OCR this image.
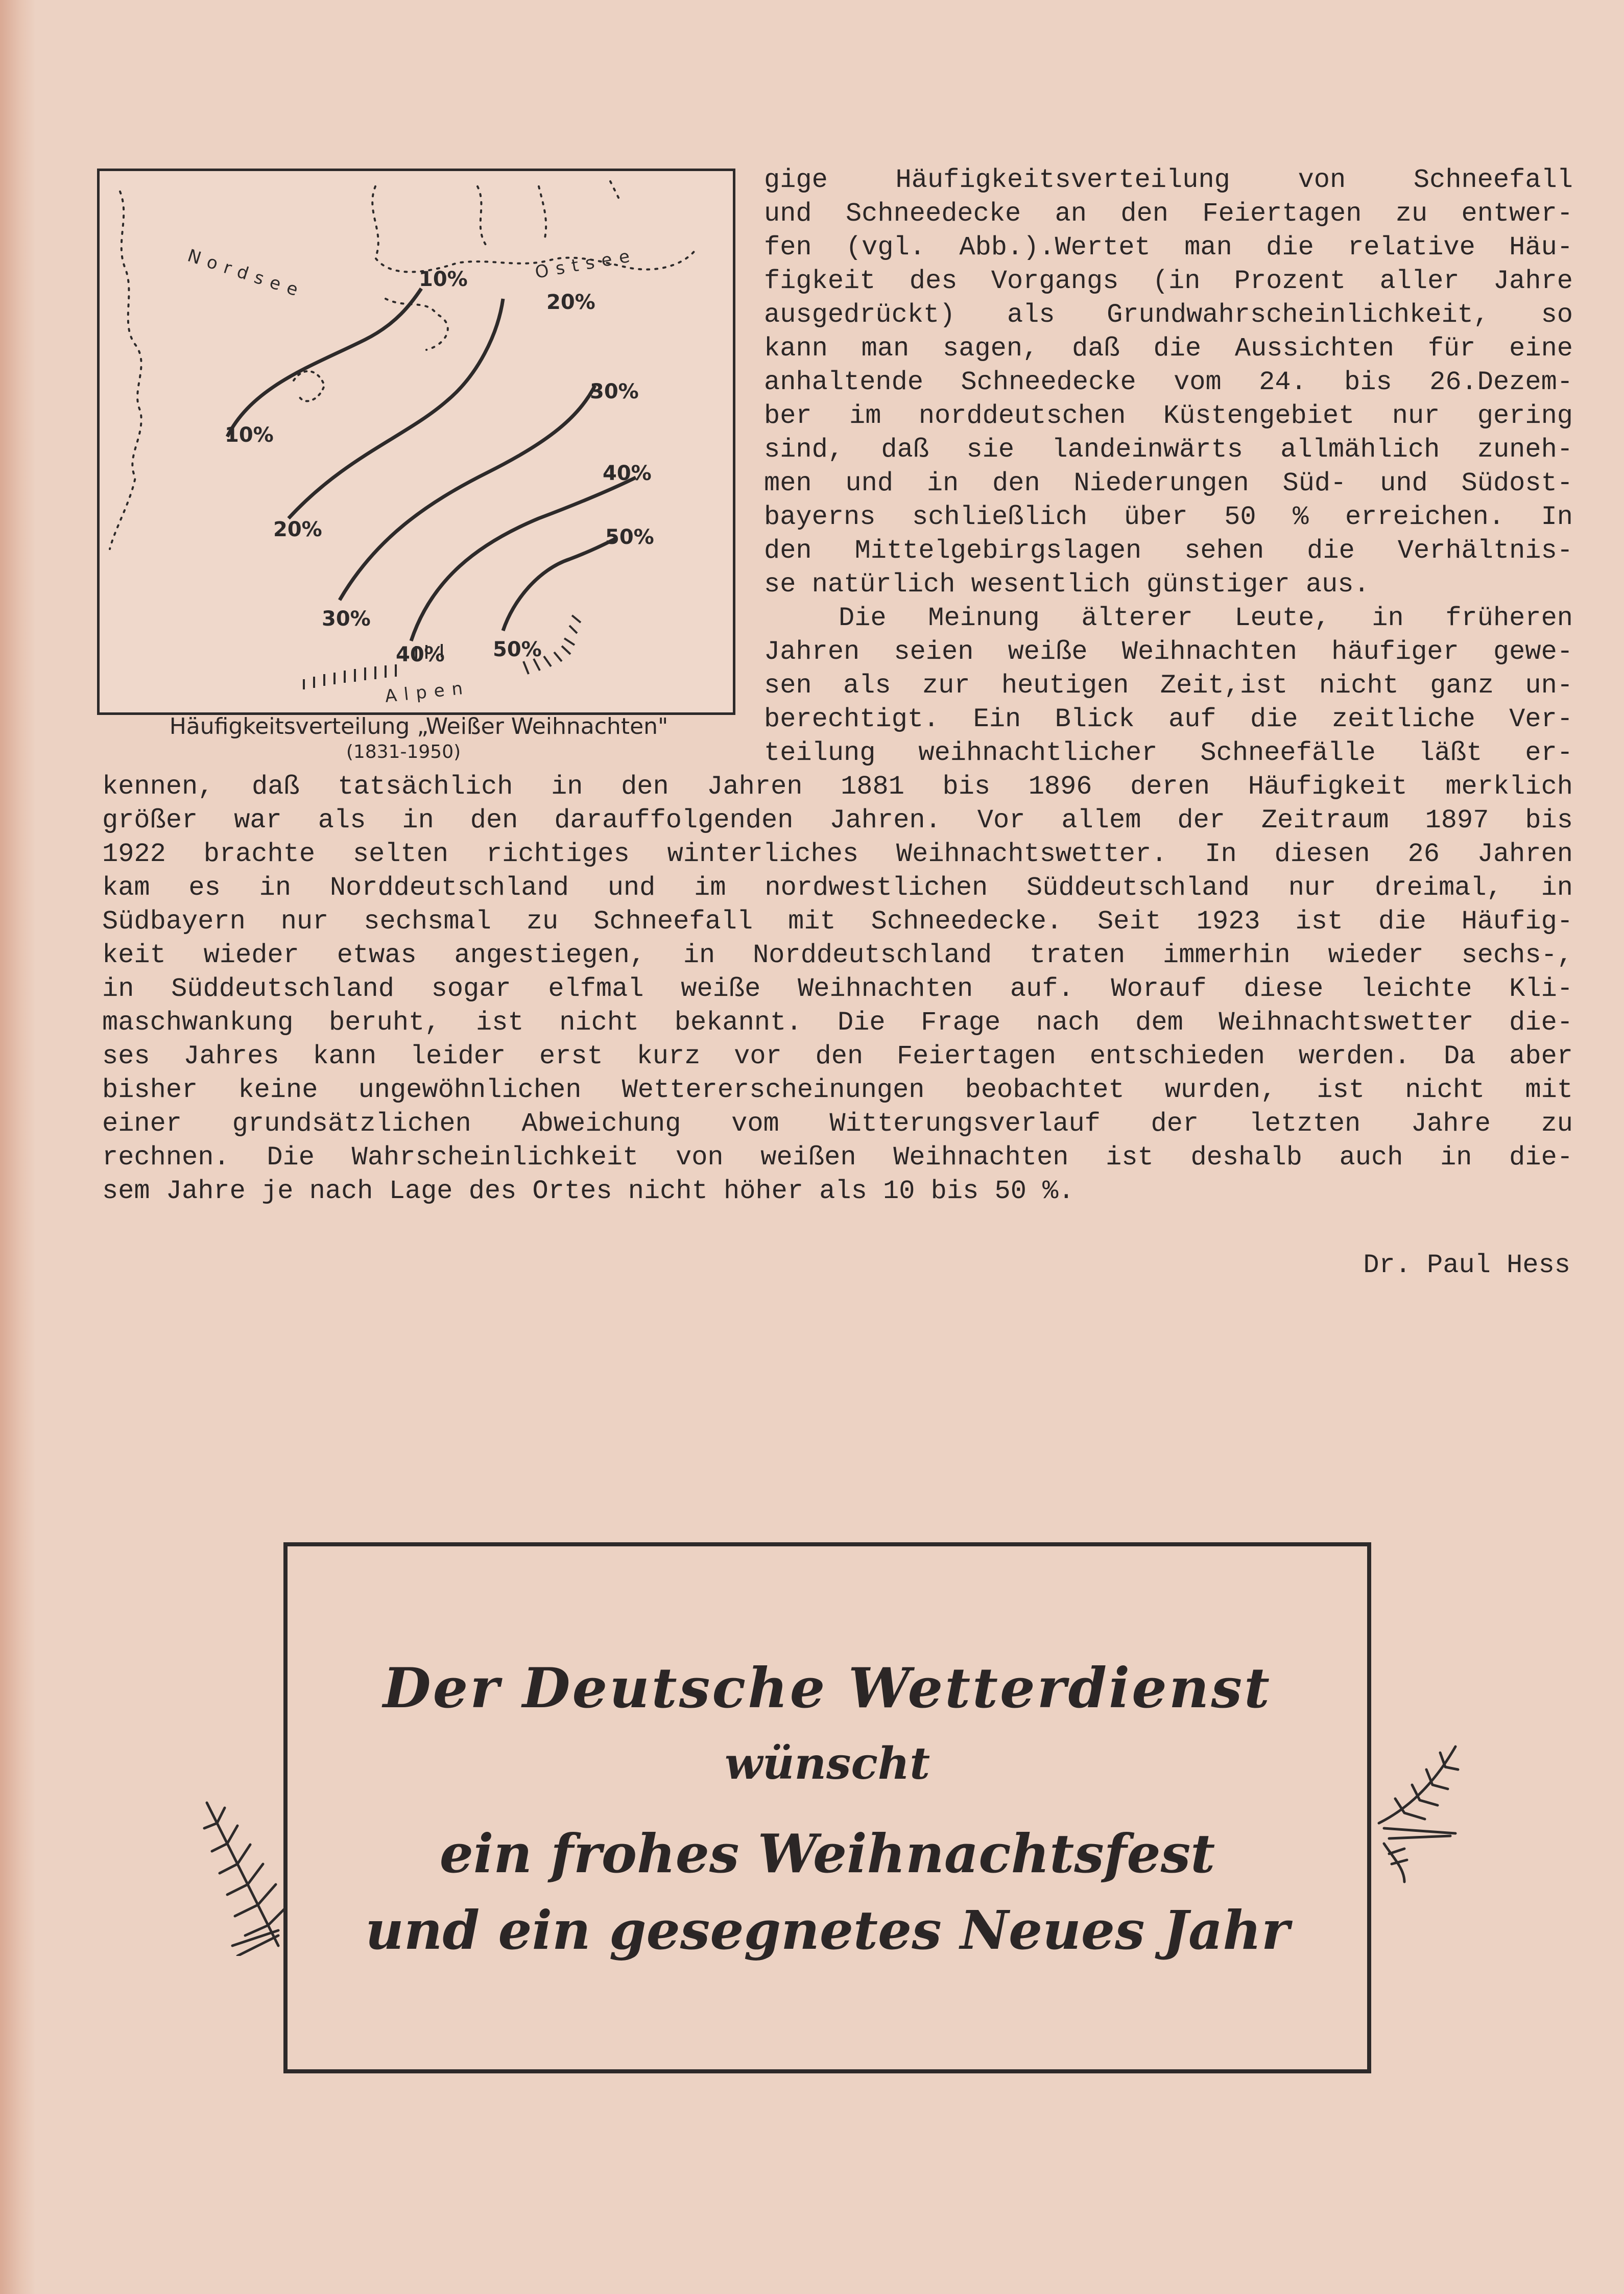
Nordsee	Ostsee
Alpen
10%
10%
20%
20%
30%
30%
40%
40%
50%
50%
Häufigkeitsverteilung „Weißer Weihnachten"
(1831-1950)
gige Häufigkeitsverteilung von Schneefall
und Schneedecke an den Feiertagen zu entwer-
fen (vgl. Abb.).Wertet man die relative Häu-
figkeit des Vorgangs (in Prozent aller Jahre
ausgedrückt) als Grundwahrscheinlichkeit, so
kann man sagen, daß die Aussichten für eine
anhaltende Schneedecke vom 24. bis 26.Dezem-
ber im norddeutschen Küstengebiet nur gering
sind, daß sie landeinwärts allmählich zuneh-
men und in den Niederungen Süd- und Südost-
bayerns schließlich über 50 % erreichen. In
den Mittelgebirgslagen sehen die Verhältnis-
se natürlich wesentlich günstiger aus.
Die Meinung älterer Leute, in früheren
Jahren seien weiße Weihnachten häufiger gewe-
sen als zur heutigen Zeit,ist nicht ganz un-
berechtigt. Ein Blick auf die zeitliche Ver-
teilung weihnachtlicher Schneefälle läßt er-
kennen, daß tatsächlich in den Jahren 1881 bis 1896 deren Häufigkeit merklich
größer war als in den darauffolgenden Jahren. Vor allem der Zeitraum 1897 bis
1922 brachte selten richtiges winterliches Weihnachtswetter. In diesen 26 Jahren
kam es in Norddeutschland und im nordwestlichen Süddeutschland nur dreimal, in
Südbayern nur sechsmal zu Schneefall mit Schneedecke. Seit 1923 ist die Häufig-
keit wieder etwas angestiegen, in Norddeutschland traten immerhin wieder sechs-,
in Süddeutschland sogar elfmal weiße Weihnachten auf. Worauf diese leichte Kli-
maschwankung beruht, ist nicht bekannt. Die Frage nach dem Weihnachtswetter die-
ses Jahres kann leider erst kurz vor den Feiertagen entschieden werden. Da aber
bisher keine ungewöhnlichen Wettererscheinungen beobachtet wurden, ist nicht mit
einer grundsätzlichen Abweichung vom Witterungsverlauf der letzten Jahre zu
rechnen. Die Wahrscheinlichkeit von weißen Weihnachten ist deshalb auch in die-
sem Jahre je nach Lage des Ortes nicht höher als 10 bis 50 %.
Dr. Paul Hess
Der Deutsche Wetterdienst
wünscht
ein frohes Weihnachtsfest
und ein gesegnetes Neues Jahr
